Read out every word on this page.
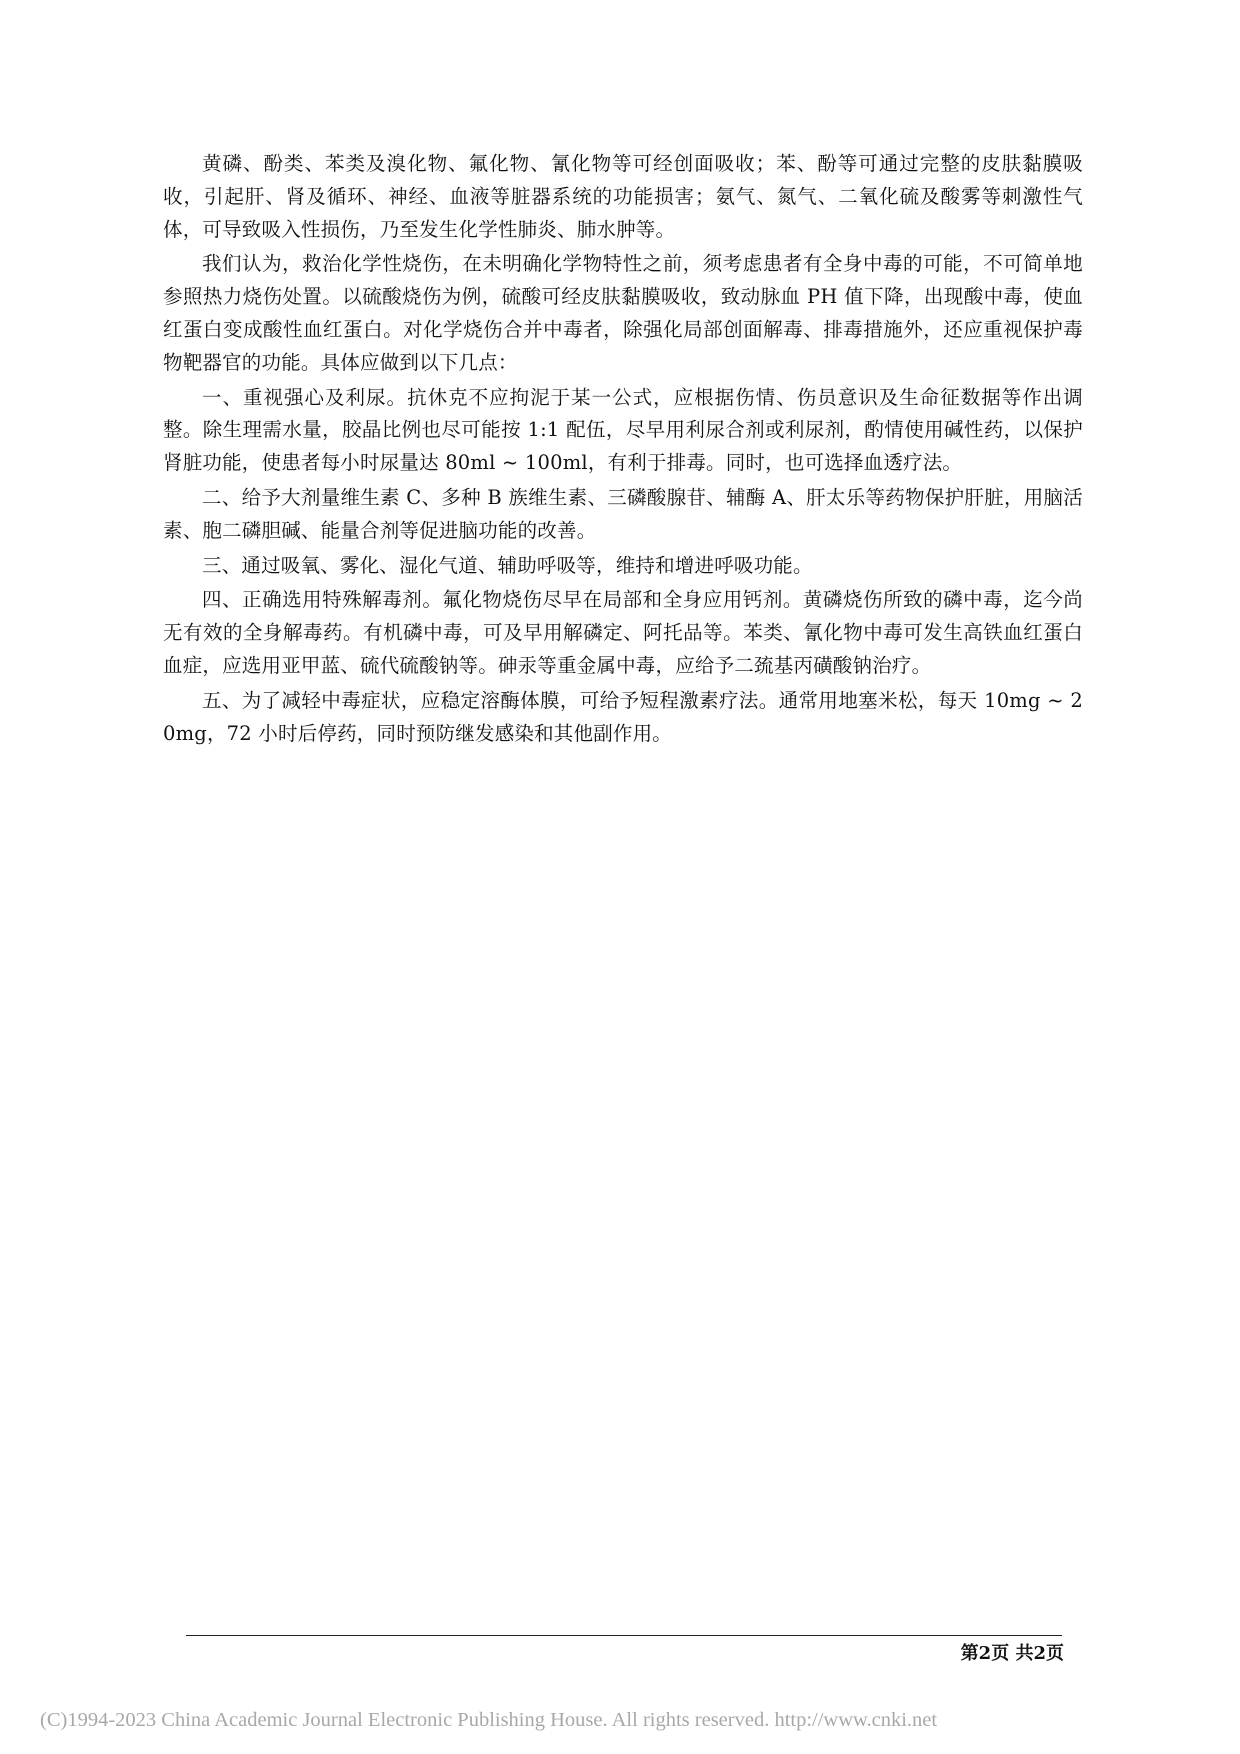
黄磷、酚类、苯类及溴化物、氟化物、氰化物等可经创面吸收；苯、酚等可通过完整的皮肤黏膜吸收，引起肝、肾及循环、神经、血液等脏器系统的功能损害；氨气、氮气、二氧化硫及酸雾等刺激性气体，可导致吸入性损伤，乃至发生化学性肺炎、肺水肿等。

我们认为，救治化学性烧伤，在未明确化学物特性之前，须考虑患者有全身中毒的可能，不可简单地参照热力烧伤处置。以硫酸烧伤为例，硫酸可经皮肤黏膜吸收，致动脉血 PH 值下降，出现酸中毒，使血红蛋白变成酸性血红蛋白。对化学烧伤合并中毒者，除强化局部创面解毒、排毒措施外，还应重视保护毒物靶器官的功能。具体应做到以下几点：

一、重视强心及利尿。抗休克不应拘泥于某一公式，应根据伤情、伤员意识及生命征数据等作出调整。除生理需水量，胶晶比例也尽可能按 1:1 配伍，尽早用利尿合剂或利尿剂，酌情使用碱性药，以保护肾脏功能，使患者每小时尿量达 80ml ~ 100ml，有利于排毒。同时，也可选择血透疗法。

二、给予大剂量维生素 C、多种 B 族维生素、三磷酸腺苷、辅酶 A、肝太乐等药物保护肝脏，用脑活素、胞二磷胆碱、能量合剂等促进脑功能的改善。

三、通过吸氧、雾化、湿化气道、辅助呼吸等，维持和增进呼吸功能。

四、正确选用特殊解毒剂。氟化物烧伤尽早在局部和全身应用钙剂。黄磷烧伤所致的磷中毒，迄今尚无有效的全身解毒药。有机磷中毒，可及早用解磷定、阿托品等。苯类、氰化物中毒可发生高铁血红蛋白血症，应选用亚甲蓝、硫代硫酸钠等。砷汞等重金属中毒，应给予二巯基丙磺酸钠治疗。

五、为了减轻中毒症状，应稳定溶酶体膜，可给予短程激素疗法。通常用地塞米松，每天 10mg ~ 20mg，72 小时后停药，同时预防继发感染和其他副作用。

第2页 共2页
(C)1994-2023 China Academic Journal Electronic Publishing House. All rights reserved. http://www.cnki.net
